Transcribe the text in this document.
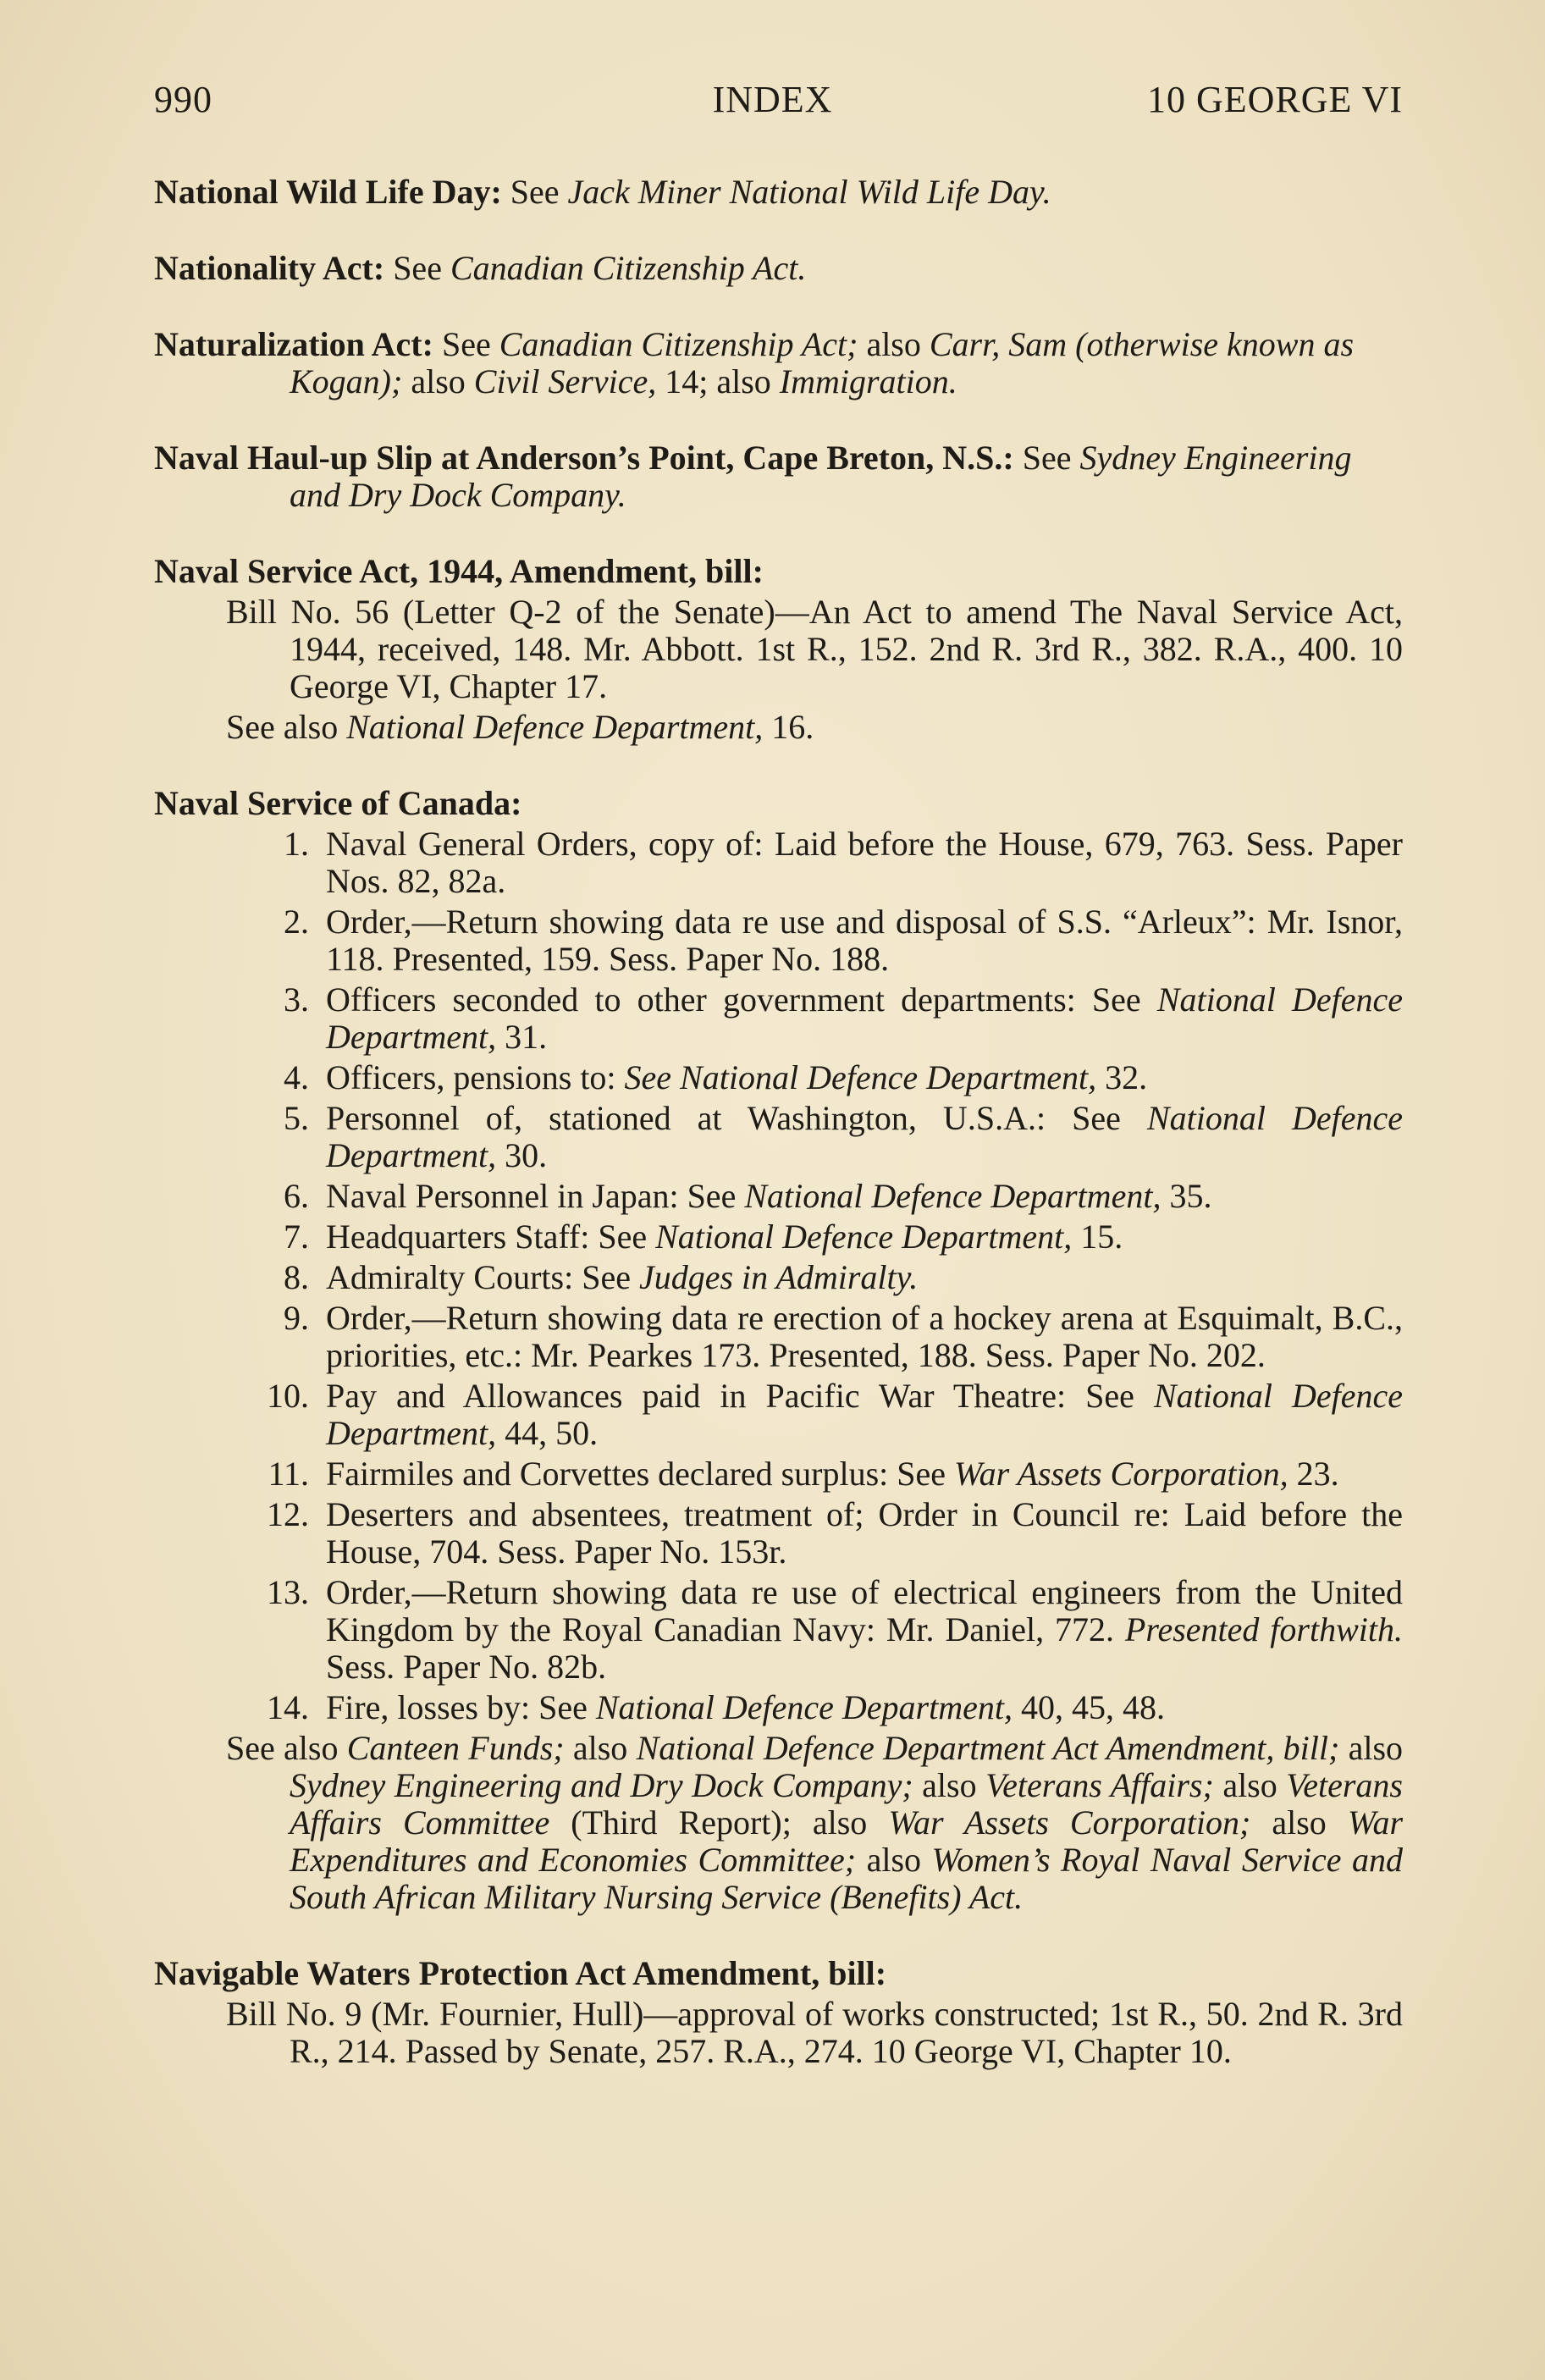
990	INDEX	10 GEORGE VI
National Wild Life Day: See Jack Miner National Wild Life Day.
Nationality Act: See Canadian Citizenship Act.
Naturalization Act: See Canadian Citizenship Act; also Carr, Sam (otherwise known as Kogan); also Civil Service, 14; also Immigration.
Naval Haul-up Slip at Anderson’s Point, Cape Breton, N.S.: See Sydney Engineering and Dry Dock Company.
Naval Service Act, 1944, Amendment, bill:
Bill No. 56 (Letter Q-2 of the Senate)—An Act to amend The Naval Service Act, 1944, received, 148. Mr. Abbott. 1st R., 152. 2nd R. 3rd R., 382. R.A., 400. 10 George VI, Chapter 17.
See also National Defence Department, 16.
Naval Service of Canada:
1. Naval General Orders, copy of: Laid before the House, 679, 763. Sess. Paper Nos. 82, 82a.
2. Order,—Return showing data re use and disposal of S.S. “Arleux”: Mr. Isnor, 118. Presented, 159. Sess. Paper No. 188.
3. Officers seconded to other government departments: See National Defence Department, 31.
4. Officers, pensions to: See National Defence Department, 32.
5. Personnel of, stationed at Washington, U.S.A.: See National Defence Department, 30.
6. Naval Personnel in Japan: See National Defence Department, 35.
7. Headquarters Staff: See National Defence Department, 15.
8. Admiralty Courts: See Judges in Admiralty.
9. Order,—Return showing data re erection of a hockey arena at Esquimalt, B.C., priorities, etc.: Mr. Pearkes 173. Presented, 188. Sess. Paper No. 202.
10. Pay and Allowances paid in Pacific War Theatre: See National Defence Department, 44, 50.
11. Fairmiles and Corvettes declared surplus: See War Assets Corporation, 23.
12. Deserters and absentees, treatment of; Order in Council re: Laid before the House, 704. Sess. Paper No. 153r.
13. Order,—Return showing data re use of electrical engineers from the United Kingdom by the Royal Canadian Navy: Mr. Daniel, 772. Presented forthwith. Sess. Paper No. 82b.
14. Fire, losses by: See National Defence Department, 40, 45, 48.
See also Canteen Funds; also National Defence Department Act Amendment, bill; also Sydney Engineering and Dry Dock Company; also Veterans Affairs; also Veterans Affairs Committee (Third Report); also War Assets Corporation; also War Expenditures and Economies Committee; also Women’s Royal Naval Service and South African Military Nursing Service (Benefits) Act.
Navigable Waters Protection Act Amendment, bill:
Bill No. 9 (Mr. Fournier, Hull)—approval of works constructed; 1st R., 50. 2nd R. 3rd R., 214. Passed by Senate, 257. R.A., 274. 10 George VI, Chapter 10.
